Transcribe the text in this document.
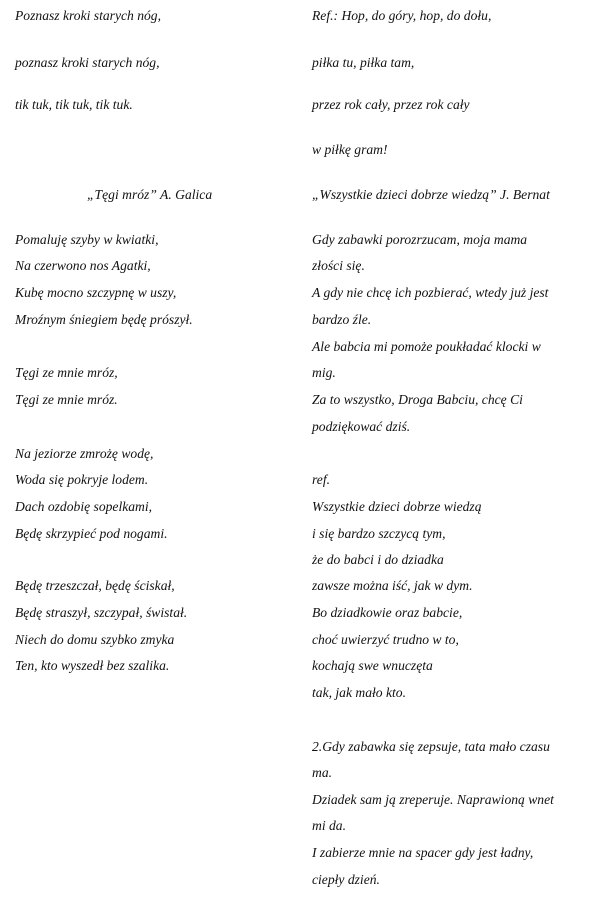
Poznasz kroki starych nóg,
poznasz kroki starych nóg,
tik tuk, tik tuk, tik tuk.
„Tęgi mróz” A. Galica
Pomaluję szyby w kwiatki,
Na czerwono nos Agatki,
Kubę mocno szczypnę w uszy,
Mroźnym śniegiem będę prószył.
Tęgi ze mnie mróz,
Tęgi ze mnie mróz.
Na jeziorze zmrożę wodę,
Woda się pokryje lodem.
Dach ozdobię sopelkami,
Będę skrzypieć pod nogami.
Będę trzeszczał, będę ściskał,
Będę straszył, szczypał, świstał.
Niech do domu szybko zmyka
Ten, kto wyszedł bez szalika.
Ref.: Hop, do góry, hop, do dołu,
piłka tu, piłka tam,
przez rok cały, przez rok cały
w piłkę gram!
„Wszystkie dzieci dobrze wiedzą” J. Bernat
Gdy zabawki porozrzucam, moja mama
złości się.
A gdy nie chcę ich pozbierać, wtedy już jest
bardzo źle.
Ale babcia mi pomoże poukładać klocki w
mig.
Za to wszystko, Droga Babciu, chcę Ci
podziękować dziś.
ref.
Wszystkie dzieci dobrze wiedzą
i się bardzo szczycą tym,
że do babci i do dziadka
zawsze można iść, jak w dym.
Bo dziadkowie oraz babcie,
choć uwierzyć trudno w to,
kochają swe wnuczęta
tak, jak mało kto.
2.Gdy zabawka się zepsuje, tata mało czasu
ma.
Dziadek sam ją zreperuje. Naprawioną wnet
mi da.
I zabierze mnie na spacer gdy jest ładny,
ciepły dzień.
